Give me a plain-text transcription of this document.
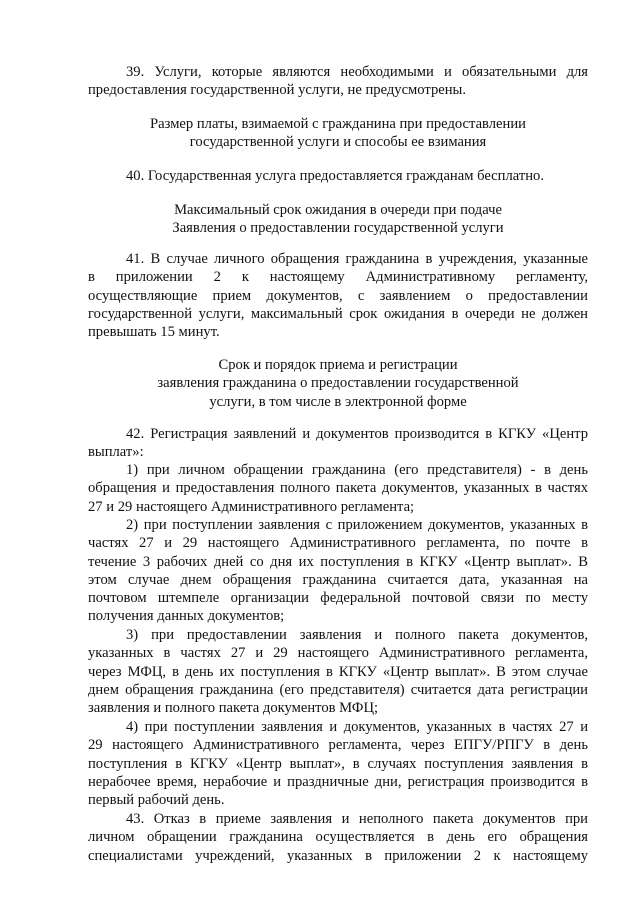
39. Услуги, которые являются необходимыми и обязательными для
предоставления государственной услуги, не предусмотрены.
Размер платы, взимаемой с гражданина при предоставлении
государственной услуги и способы ее взимания
40. Государственная услуга предоставляется гражданам бесплатно.
Максимальный срок ожидания в очереди при подаче
Заявления о предоставлении государственной услуги
41. В случае личного обращения гражданина в учреждения, указанные
в приложении 2 к настоящему Административному регламенту,
осуществляющие прием документов, с заявлением о предоставлении
государственной услуги, максимальный срок ожидания в очереди не должен
превышать 15 минут.
Срок и порядок приема и регистрации
заявления гражданина о предоставлении государственной
услуги, в том числе в электронной форме
42. Регистрация заявлений и документов производится в КГКУ «Центр
выплат»:
1) при личном обращении гражданина (его представителя) - в день
обращения и предоставления полного пакета документов, указанных в частях
27 и 29 настоящего Административного регламента;
2) при поступлении заявления с приложением документов, указанных в
частях 27 и 29 настоящего Административного регламента, по почте в
течение 3 рабочих дней со дня их поступления в КГКУ «Центр выплат». В
этом случае днем обращения гражданина считается дата, указанная на
почтовом штемпеле организации федеральной почтовой связи по месту
получения данных документов;
3) при предоставлении заявления и полного пакета документов,
указанных в частях 27 и 29 настоящего Административного регламента,
через МФЦ, в день их поступления в КГКУ «Центр выплат». В этом случае
днем обращения гражданина (его представителя) считается дата регистрации
заявления и полного пакета документов МФЦ;
4) при поступлении заявления и документов, указанных в частях 27 и
29 настоящего Административного регламента, через ЕПГУ/РПГУ в день
поступления в КГКУ «Центр выплат», в случаях поступления заявления в
нерабочее время, нерабочие и праздничные дни, регистрация производится в
первый рабочий день.
43. Отказ в приеме заявления и неполного пакета документов при
личном обращении гражданина осуществляется в день его обращения
специалистами учреждений, указанных в приложении 2 к настоящему
